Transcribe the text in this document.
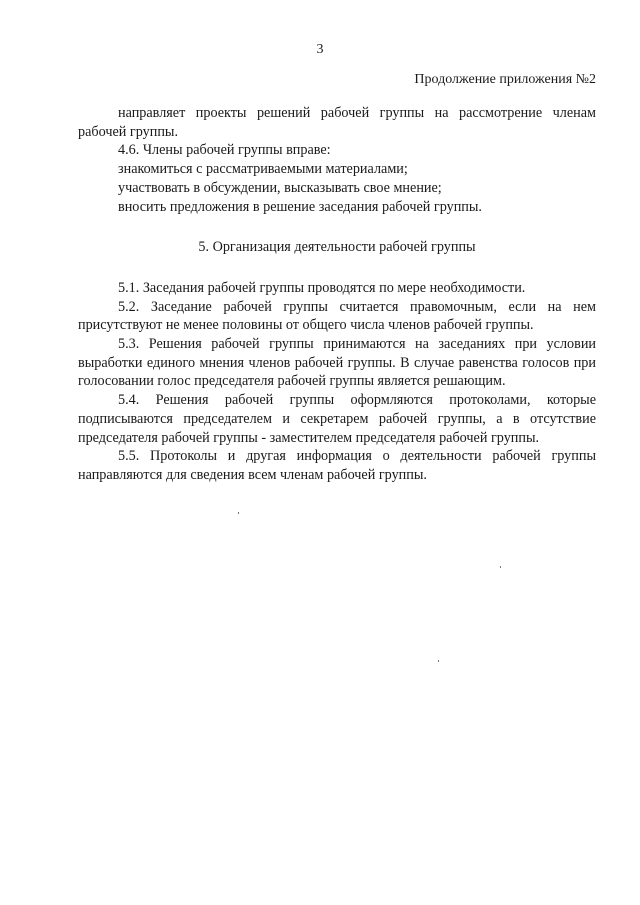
3
Продолжение приложения №2

направляет проекты решений рабочей группы на рассмотрение членам рабочей группы.

4.6. Члены рабочей группы вправе:

знакомиться с рассматриваемыми материалами;

участвовать в обсуждении, высказывать свое мнение;

вносить предложения в решение заседания рабочей группы.

5. Организация деятельности рабочей группы

5.1. Заседания рабочей группы проводятся по мере необходимости.

5.2. Заседание рабочей группы считается правомочным, если на нем присутствуют не менее половины от общего числа членов рабочей группы.

5.3. Решения рабочей группы принимаются на заседаниях при условии выработки единого мнения членов рабочей группы. В случае равенства голосов при голосовании голос председателя рабочей группы является решающим.

5.4. Решения рабочей группы оформляются протоколами, которые подписываются председателем и секретарем рабочей группы, а в отсутствие председателя рабочей группы - заместителем председателя рабочей группы.

5.5. Протоколы и другая информация о деятельности рабочей группы направляются для сведения всем членам рабочей группы.
